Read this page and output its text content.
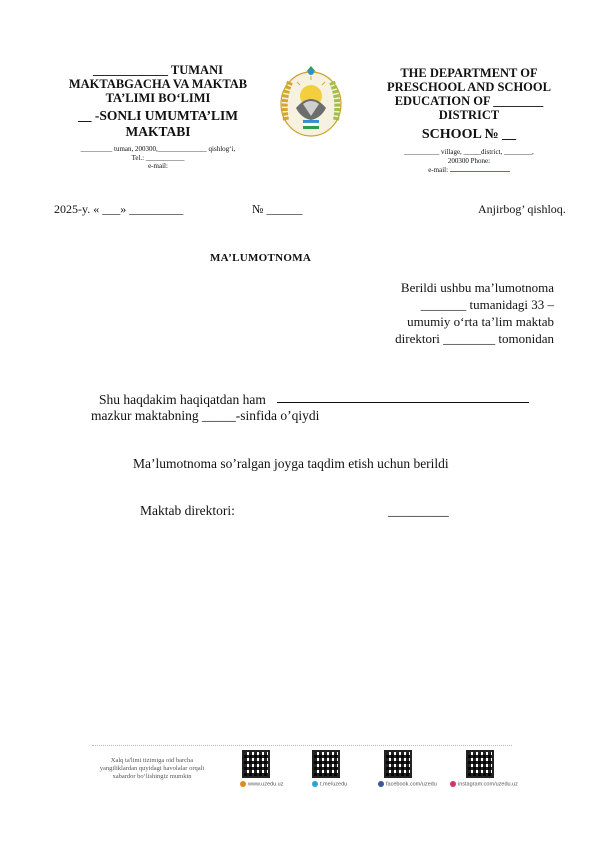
____________ TUMANI
MAKTABGACHA VA MAKTAB
TA’LIMI BO‘LIMI
__ -SONLI UMUMTA’LIM
MAKTABI
_________ tuman, 200300,______________ qishlog‘i,
Tel.: ___________
e-mail:
THE DEPARTMENT OF
PRESCHOOL AND SCHOOL
EDUCATION OF ________
DISTRICT
SCHOOL № __
__________ village, _____district, ________,
200300 Phone:
e-mail:
2025-y. « ___» _________	№ ______	Anjirbog’ qishloq.
MA’LUMOTNOMA
Berildi ushbu ma’lumotnoma
_______ tumanidagi 33 –
umumiy o‘rta ta’lim maktab
direktori ________ tomonidan
Shu haqdakim haqiqatdan ham
mazkur maktabning _____-sinfida o’qiydi
Ma’lumotnoma so’ralgan joyga taqdim etish uchun berildi
Maktab direktori:	_________
Xalq ta'limi tizimiga oid barcha yangiliklardan quyidagi havolalar orqali xabardor bo‘lishingiz mumkin
www.uzedu.uz	t.me/uzedu	facebook.com/uzedu	instagram.com/uzedu.uz
